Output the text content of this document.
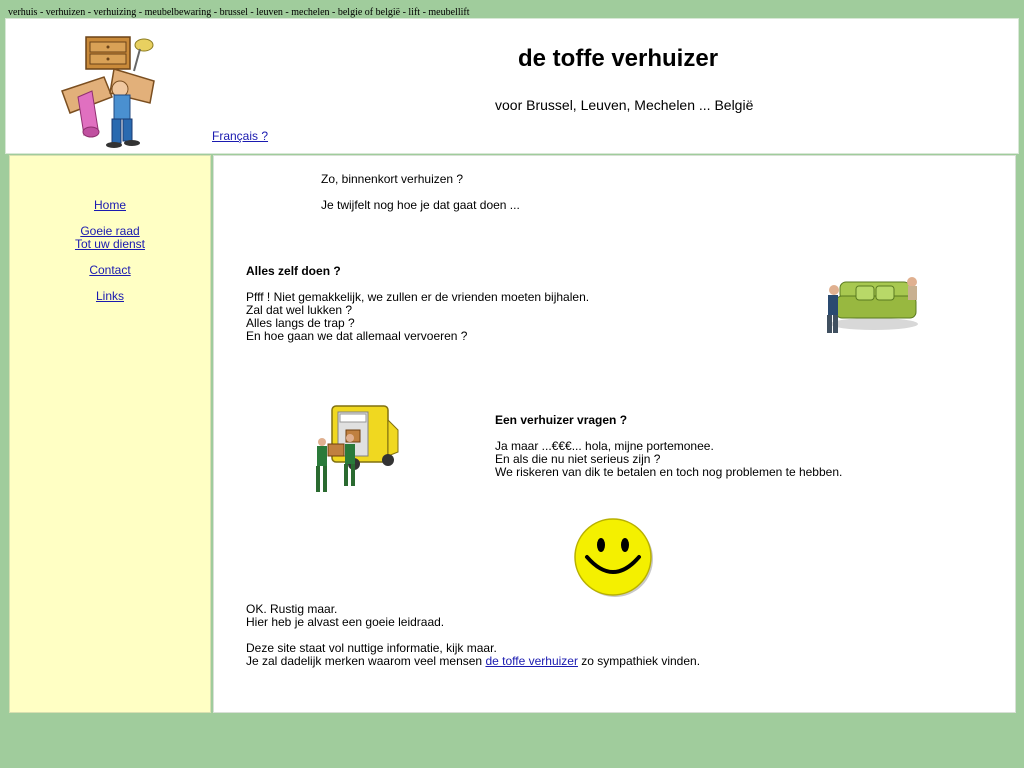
verhuis - verhuizen - verhuizing - meubelbewaring - brussel - leuven - mechelen - belgie of belgië - lift - meubellift
de toffe verhuizer
voor Brussel, Leuven, Mechelen ... België
Français ?
Home
Goeie raad
Tot uw dienst
Contact
Links
Zo, binnenkort verhuizen ?
Je twijfelt nog hoe je dat gaat doen ...
Alles zelf doen ?
Pfff ! Niet gemakkelijk, we zullen er de vrienden moeten bijhalen.
Zal dat wel lukken ?
Alles langs de trap ?
En hoe gaan we dat allemaal vervoeren ?
Een verhuizer vragen ?
Ja maar ...€€€... hola, mijne portemonee.
En als die nu niet serieus zijn ?
We riskeren van dik te betalen en toch nog problemen te hebben.
OK. Rustig maar.
Hier heb je alvast een goeie leidraad.
Deze site staat vol nuttige informatie, kijk maar.
Je zal dadelijk merken waarom veel mensen de toffe verhuizer zo sympathiek vinden.
